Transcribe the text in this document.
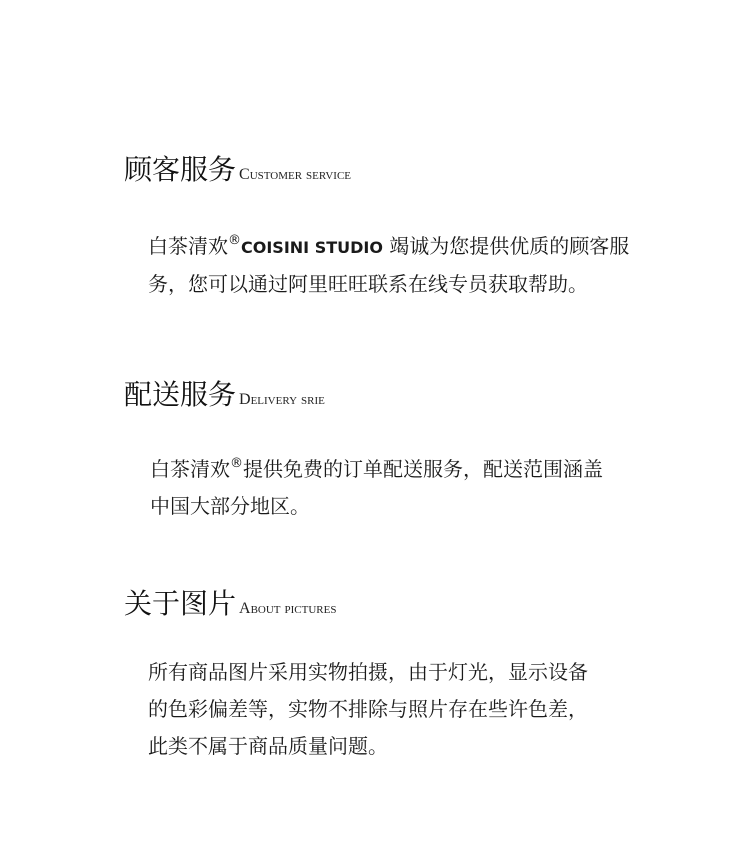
顾客服务 Customer service
白茶清欢®COISINI STUDIO 竭诚为您提供优质的顾客服
务，您可以通过阿里旺旺联系在线专员获取帮助。
配送服务 Delivery srie
白茶清欢®提供免费的订单配送服务，配送范围涵盖
中国大部分地区。
关于图片 About pictures
所有商品图片采用实物拍摄，由于灯光，显示设备
的色彩偏差等，实物不排除与照片存在些许色差，
此类不属于商品质量问题。
